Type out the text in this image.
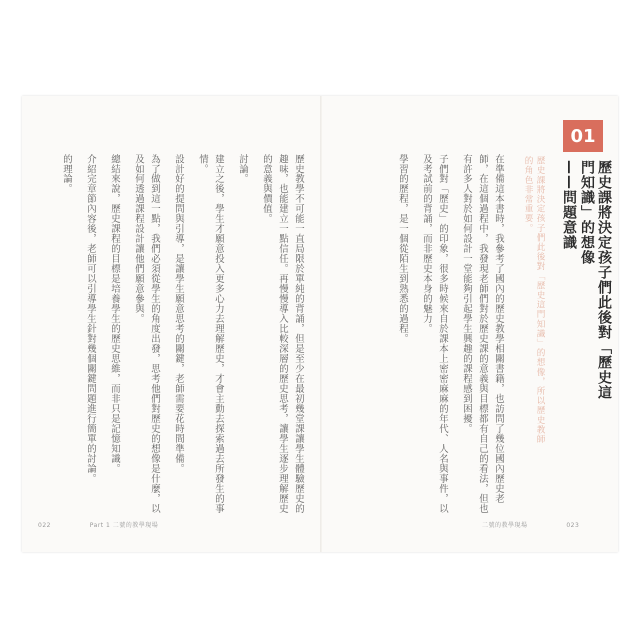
歷史教學不可能一直局限於單純的背誦，但是至少在最初幾堂課讓學生體驗歷史的趣味，也能建立一點信任。再慢慢導入比較深層的歷史思考，讓學生逐步理解歷史的意義與價值。

討論。

建立之後，學生才願意投入更多心力去理解歷史，才會主動去探索過去所發生的事情。

設計好的提問與引導，是讓學生願意思考的關鍵，老師需要花時間準備。

為了做到這一點，我們必須從學生的角度出發，思考他們對歷史的想像是什麼，以及如何透過課程設計讓他們願意參與。

總結來說，歷史課程的目標是培養學生的歷史思維，而非只是記憶知識。

介紹完章節內容後，老師可以引導學生針對幾個關鍵問題進行簡單的討論。

的理論。	在準備這本書時，我參考了國內的歷史教學相關書籍，也訪問了幾位國內歷史老師，在這個過程中，我發現老師們對於歷史課的意義與目標都有自己的看法，但也有許多人對於如何設計一堂能夠引起學生興趣的課程感到困擾。

子們對「歷史」的印象，很多時候來自於課本上密密麻麻的年代、人名與事件，以及考試前的背誦，而非歷史本身的魅力。

學習的歷程，是一個從陌生到熟悉的過程。	歷史課將決定孩子們此後對「歷史這門知識」的想像，所以歷史教師的角色非常重要。
01
歷史課將決定孩子們此後對「歷史這門知識」的想像
——問題意識
022	Part 1 二號的教學現場	二號的教學現場	023
